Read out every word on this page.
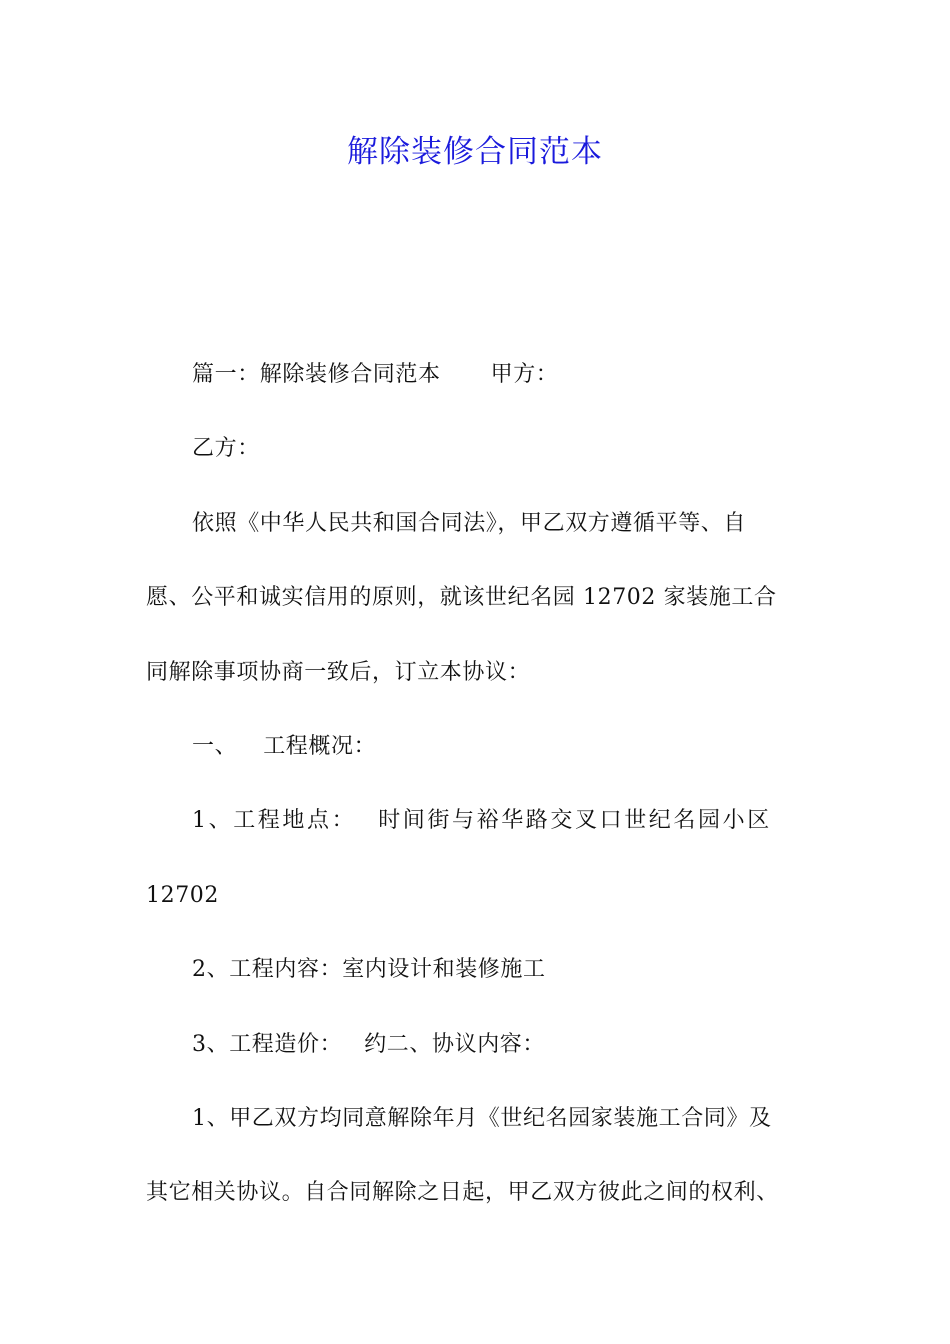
解除装修合同范本
篇一：解除装修合同范本 甲方：
乙方：
依照《中华人民共和国合同法》，甲乙双方遵循平等、自
愿、公平和诚实信用的原则，就该世纪名园 12702 家装施工合
同解除事项协商一致后，订立本协议：
一、 工程概况：
1、工程地点： 时间街与裕华路交叉口世纪名园小区
12702
2、工程内容：室内设计和装修施工
3、工程造价： 约二、协议内容：
1、甲乙双方均同意解除年月《世纪名园家装施工合同》及
其它相关协议。自合同解除之日起，甲乙双方彼此之间的权利、
